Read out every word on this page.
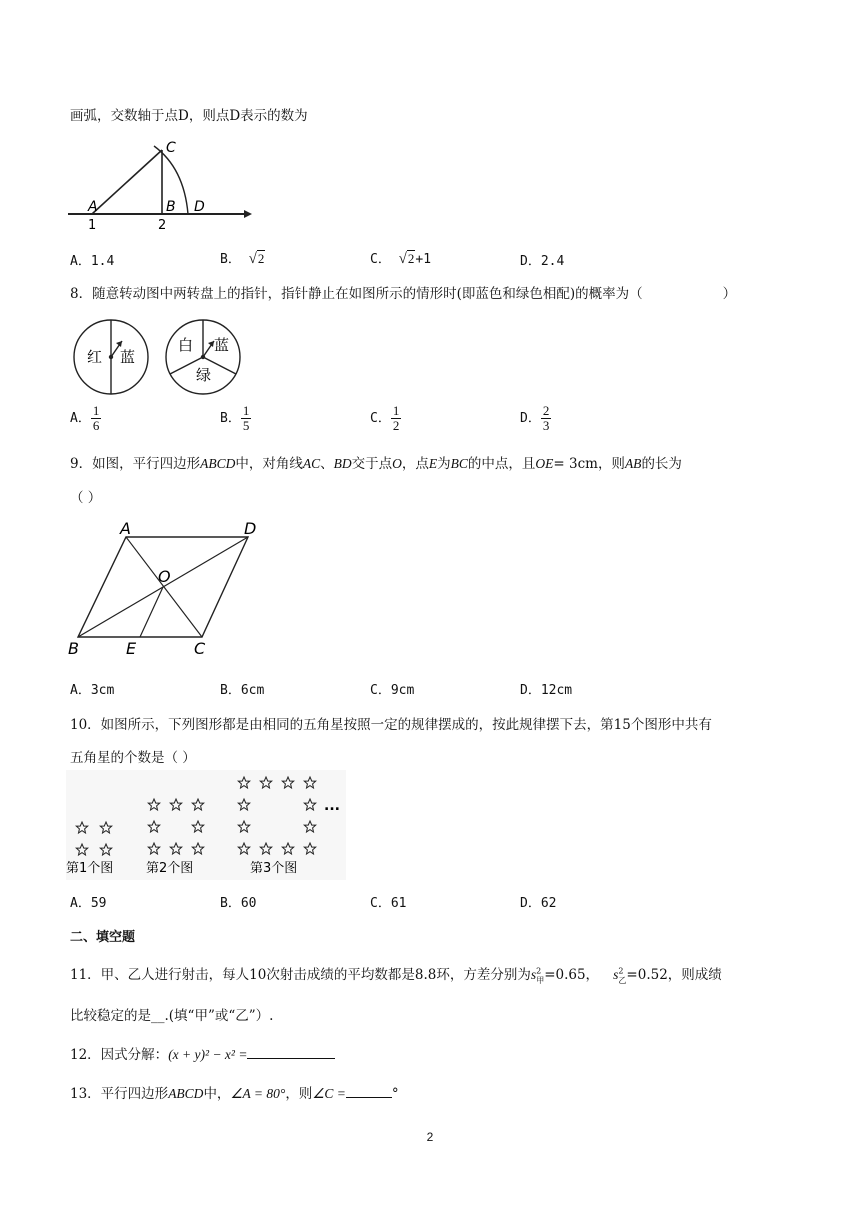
画弧，交数轴于点D，则点D表示的数为
C
A	B D
1	2
A．1.4	B． √2	C． √2+1	D．2.4
8．随意转动图中两转盘上的指针，指针静止在如图所示的情形时(即蓝色和绿色相配)的概率为（	）
红 蓝
白 蓝
绿
A． $\frac{1}{6}$	B． $\frac{1}{5}$	C． $\frac{1}{2}$	D． $\frac{2}{3}$
9．如图，平行四边形ABCD中，对角线AC、BD交于点O，点E为BC的中点，且OE= 3cm，则AB的长为
（ ）
A	D
O
B	E	C
A．3cm	B．6cm	C．9cm	D．12cm
10．如图所示，下列图形都是由相同的五角星按照一定的规律摆成的，按此规律摆下去，第15个图形中共有
五角星的个数是（ ）
...
第1个图	第2个图	第3个图
A．59	B．60	C．61	D．62
二、填空题
11．甲、乙人进行射击，每人10次射击成绩的平均数都是8.8环，方差分别为$s^2_甲=0.65$， $s^2_乙=0.52$，则成绩
比较稳定的是__.(填“甲”或“乙”）.
12．因式分解：(x + y)² − x² =
13．平行四边形ABCD中，∠A = 80°，则∠C =	°
2
